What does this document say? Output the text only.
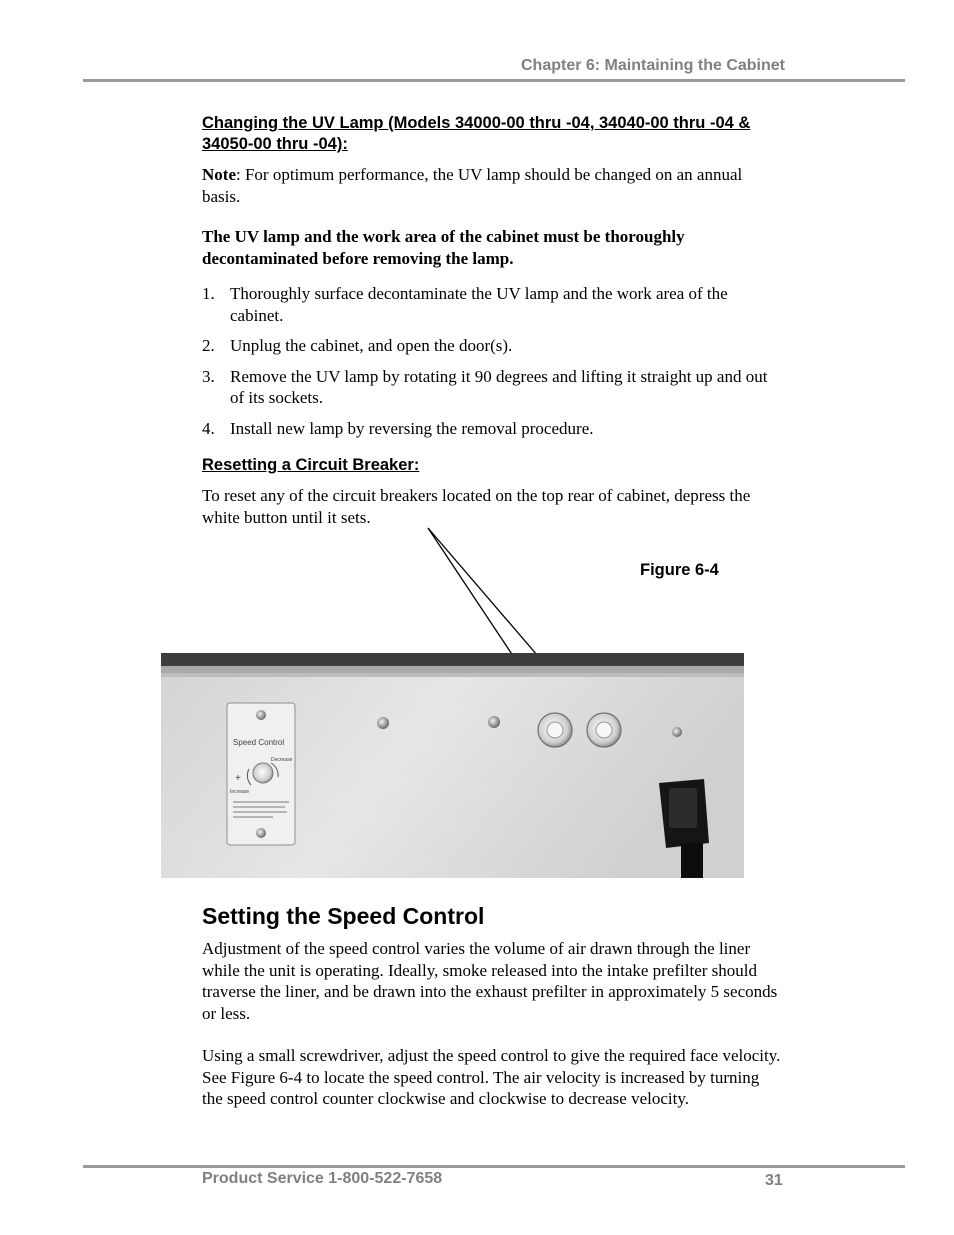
Chapter 6: Maintaining the Cabinet
Changing the UV Lamp (Models 34000-00 thru -04, 34040-00 thru -04 & 34050-00 thru -04):
Note: For optimum performance, the UV lamp should be changed on an annual basis.
The UV lamp and the work area of the cabinet must be thoroughly decontaminated before removing the lamp.
1. Thoroughly surface decontaminate the UV lamp and the work area of the cabinet.
2. Unplug the cabinet, and open the door(s).
3. Remove the UV lamp by rotating it 90 degrees and lifting it straight up and out of its sockets.
4. Install new lamp by reversing the removal procedure.
Resetting a Circuit Breaker:
To reset any of the circuit breakers located on the top rear of cabinet, depress the white button until it sets.
Figure 6-4
Speed Control
Decrease
Increase
+
Setting the Speed Control
Adjustment of the speed control varies the volume of air drawn through the liner while the unit is operating. Ideally, smoke released into the intake prefilter should traverse the liner, and be drawn into the exhaust prefilter in approximately 5 seconds or less.
Using a small screwdriver, adjust the speed control to give the required face velocity. See Figure 6-4 to locate the speed control. The air velocity is increased by turning the speed control counter clockwise and clockwise to decrease velocity.
Product Service 1-800-522-7658	31
